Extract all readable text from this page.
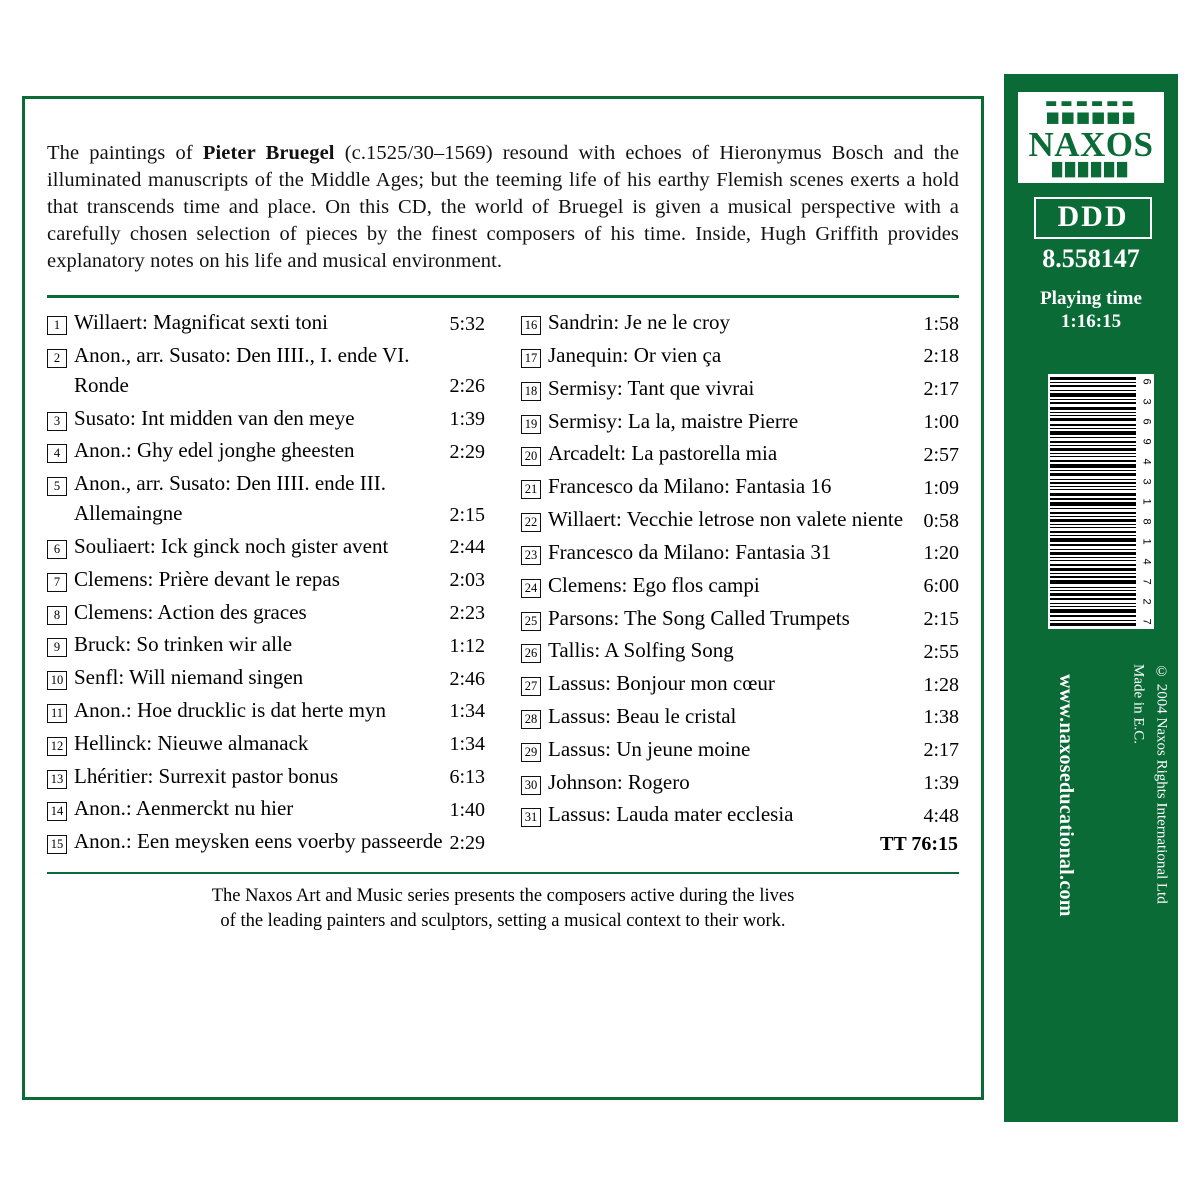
The paintings of Pieter Bruegel (c.1525/30–1569) resound with echoes of Hieronymus Bosch and the illuminated manuscripts of the Middle Ages; but the teeming life of his earthy Flemish scenes exerts a hold that transcends time and place. On this CD, the world of Bruegel is given a musical perspective with a carefully chosen selection of pieces by the finest composers of his time. Inside, Hugh Griffith provides explanatory notes on his life and musical environment.

1 Willaert: Magnificat sexti toni	5:32
2 Anon., arr. Susato: Den IIII., I. ende VI. Ronde	2:26
3 Susato: Int midden van den meye	1:39
4 Anon.: Ghy edel jonghe gheesten	2:29
5 Anon., arr. Susato: Den IIII. ende III. Allemaingne	2:15
6 Souliaert: Ick ginck noch gister avent	2:44
7 Clemens: Prière devant le repas	2:03
8 Clemens: Action des graces	2:23
9 Bruck: So trinken wir alle	1:12
10 Senfl: Will niemand singen	2:46
11 Anon.: Hoe drucklic is dat herte myn	1:34
12 Hellinck: Nieuwe almanack	1:34
13 Lhéritier: Surrexit pastor bonus	6:13
14 Anon.: Aenmerckt nu hier	1:40
15 Anon.: Een meysken eens voerby passeerde 2:29
16 Sandrin: Je ne le croy	1:58
17 Janequin: Or vien ça	2:18
18 Sermisy: Tant que vivrai	2:17
19 Sermisy: La la, maistre Pierre	1:00
20 Arcadelt: La pastorella mia	2:57
21 Francesco da Milano: Fantasia 16	1:09
22 Willaert: Vecchie letrose non valete niente	0:58
23 Francesco da Milano: Fantasia 31	1:20
24 Clemens: Ego flos campi	6:00
25 Parsons: The Song Called Trumpets	2:15
26 Tallis: A Solfing Song	2:55
27 Lassus: Bonjour mon cœur	1:28
28 Lassus: Beau le cristal	1:38
29 Lassus: Un jeune moine	2:17
30 Johnson: Rogero	1:39
31 Lassus: Lauda mater ecclesia	4:48
TT 76:15
The Naxos Art and Music series presents the composers active during the lives
of the leading painters and sculptors, setting a musical context to their work.
▬▬▬▬▬▬
■■■■■■
NAXOS
██████
DDD
8.558147
Playing time
1:16:15
6
3
6
9
4
3
1
8
1
4
7
2
7
www.naxoseducational.com	Ⓟ 2004 Naxos Rights International Ltd
© 2004 Naxos Rights International Ltd
Made in E.C.
